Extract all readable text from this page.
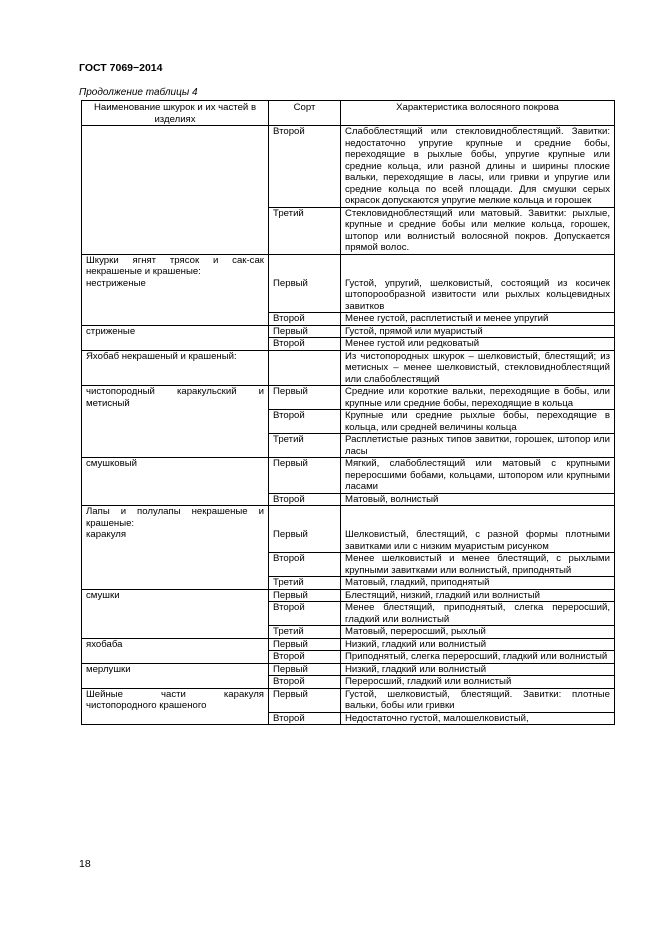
ГОСТ 7069−2014
Продолжение таблицы 4
Наименование шкурок и их частей в изделиях	Сорт	Характеристика волосяного покрова
	Второй	Слабоблестящий или стекловидноблестящий. Завитки: недостаточно упругие крупные и средние бобы, переходящие в рыхлые бобы, упругие крупные или средние кольца, или разной длины и ширины плоские вальки, переходящие в ласы, или гривки и упругие или средние кольца по всей площади. Для смушки серых окрасок допускаются упругие мелкие кольца и горошек
	Третий	Стекловидноблестящий или матовый. Завитки: рыхлые, крупные и средние бобы или мелкие кольца, горошек, штопор или волнистый волосяной покров. Допускается прямой волос.

Шкурки ягнят трясок и сак-сак некрашеные и крашеные:
нестриженые	Первый	Густой, упругий, шелковистый, состоящий из косичек штопорообразной извитости или рыхлых кольцевидных завитков

	Второй	Менее густой, расплетистый и менее упругий
стриженые	Первый	Густой, прямой или муаристый
	Второй	Менее густой или редковатый
Яхобаб некрашеный и крашеный:		Из чистопородных шкурок – шелковистый, блестящий; из метисных – менее шелковистый, стекловидноблестящий или слабоблестящий
чистопородный каракульский и метисный	Первый	Средние или короткие вальки, переходящие в бобы, или крупные или средние бобы, переходящие в кольца
	Второй	Крупные или средние рыхлые бобы, переходящие в кольца, или средней величины кольца
	Третий	Расплетистые разных типов завитки, горошек, штопор или ласы
смушковый	Первый	Мягкий, слабоблестящий или матовый с крупными переросшими бобами, кольцами, штопором или крупными ласами
	Второй	Матовый, волнистый

Лапы и полулапы некрашеные и крашеные:
каракуля	Первый	Шелковистый, блестящий, с разной формы плотными завитками или с низким муаристым рисунком

	Второй	Менее шелковистый и менее блестящий, с рыхлыми крупными завитками или волнистый, приподнятый
	Третий	Матовый, гладкий, приподнятый
смушки	Первый	Блестящий, низкий, гладкий или волнистый
	Второй	Менее блестящий, приподнятый, слегка переросший, гладкий или волнистый
	Третий	Матовый, переросший, рыхлый
яхобаба	Первый	Низкий, гладкий или волнистый
	Второй	Приподнятый, слегка переросший, гладкий или волнистый
мерлушки	Первый	Низкий, гладкий или волнистый
	Второй	Переросший, гладкий или волнистый
Шейные части каракуля чистопородного крашеного	Первый	Густой, шелковистый, блестящий. Завитки: плотные вальки, бобы или гривки
	Второй	Недостаточно густой, малошелковистый,
18
